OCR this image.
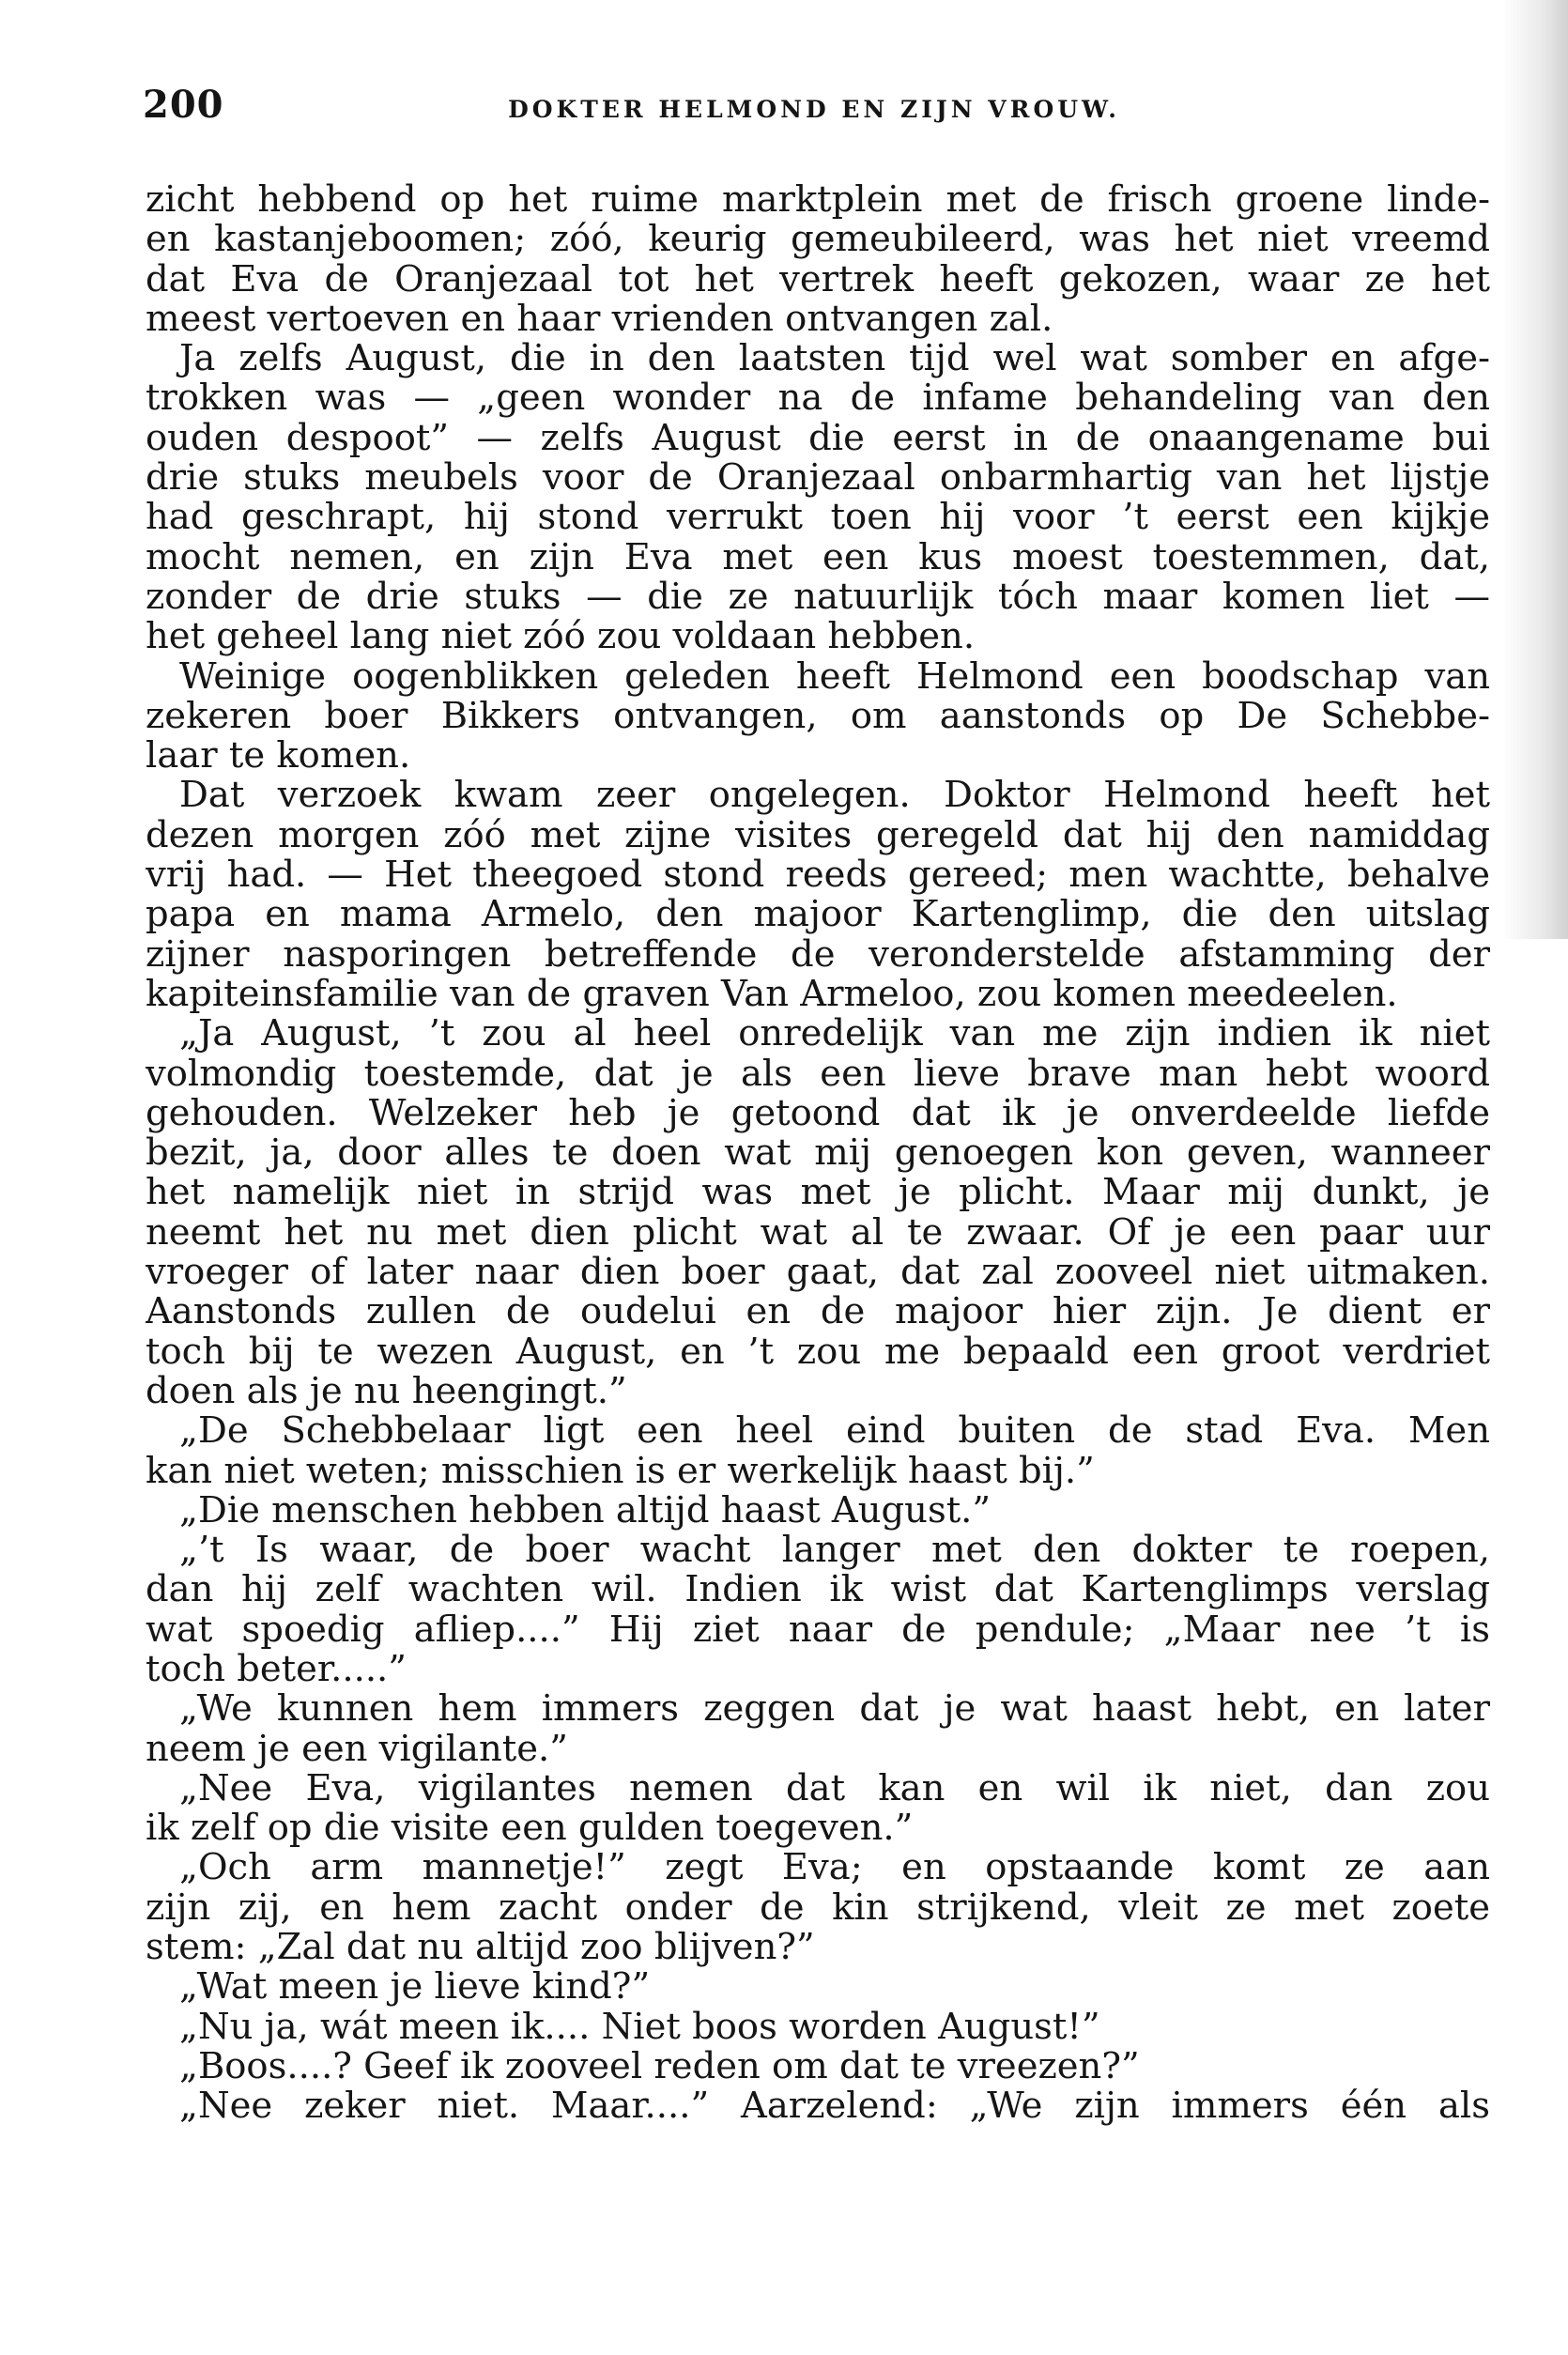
200	DOKTER HELMOND EN ZIJN VROUW.
zicht hebbend op het ruime marktplein met de frisch groene linde-
en kastanjeboomen; zóó, keurig gemeubileerd, was het niet vreemd
dat Eva de Oranjezaal tot het vertrek heeft gekozen, waar ze het
meest vertoeven en haar vrienden ontvangen zal.
Ja zelfs August, die in den laatsten tijd wel wat somber en afge-
trokken was — „geen wonder na de infame behandeling van den
ouden despoot” — zelfs August die eerst in de onaangename bui
drie stuks meubels voor de Oranjezaal onbarmhartig van het lijstje
had geschrapt, hij stond verrukt toen hij voor ’t eerst een kijkje
mocht nemen, en zijn Eva met een kus moest toestemmen, dat,
zonder de drie stuks — die ze natuurlijk tóch maar komen liet —
het geheel lang niet zóó zou voldaan hebben.
Weinige oogenblikken geleden heeft Helmond een boodschap van
zekeren boer Bikkers ontvangen, om aanstonds op De Schebbe-
laar te komen.
Dat verzoek kwam zeer ongelegen. Doktor Helmond heeft het
dezen morgen zóó met zijne visites geregeld dat hij den namiddag
vrij had. — Het theegoed stond reeds gereed; men wachtte, behalve
papa en mama Armelo, den majoor Kartenglimp, die den uitslag
zijner nasporingen betreffende de veronderstelde afstamming der
kapiteinsfamilie van de graven Van Armeloo, zou komen meedeelen.
„Ja August, ’t zou al heel onredelijk van me zijn indien ik niet
volmondig toestemde, dat je als een lieve brave man hebt woord
gehouden. Welzeker heb je getoond dat ik je onverdeelde liefde
bezit, ja, door alles te doen wat mij genoegen kon geven, wanneer
het namelijk niet in strijd was met je plicht. Maar mij dunkt, je
neemt het nu met dien plicht wat al te zwaar. Of je een paar uur
vroeger of later naar dien boer gaat, dat zal zooveel niet uitmaken.
Aanstonds zullen de oudelui en de majoor hier zijn. Je dient er
toch bij te wezen August, en ’t zou me bepaald een groot verdriet
doen als je nu heengingt.”
„De Schebbelaar ligt een heel eind buiten de stad Eva. Men
kan niet weten; misschien is er werkelijk haast bij.”
„Die menschen hebben altijd haast August.”
„’t Is waar, de boer wacht langer met den dokter te roepen,
dan hij zelf wachten wil. Indien ik wist dat Kartenglimps verslag
wat spoedig afliep....” Hij ziet naar de pendule; „Maar nee ’t is
toch beter.....”
„We kunnen hem immers zeggen dat je wat haast hebt, en later
neem je een vigilante.”
„Nee Eva, vigilantes nemen dat kan en wil ik niet, dan zou
ik zelf op die visite een gulden toegeven.”
„Och arm mannetje!” zegt Eva; en opstaande komt ze aan
zijn zij, en hem zacht onder de kin strijkend, vleit ze met zoete
stem: „Zal dat nu altijd zoo blijven?”
„Wat meen je lieve kind?”
„Nu ja, wát meen ik.... Niet boos worden August!”
„Boos....? Geef ik zooveel reden om dat te vreezen?”
„Nee zeker niet. Maar....” Aarzelend: „We zijn immers één als
